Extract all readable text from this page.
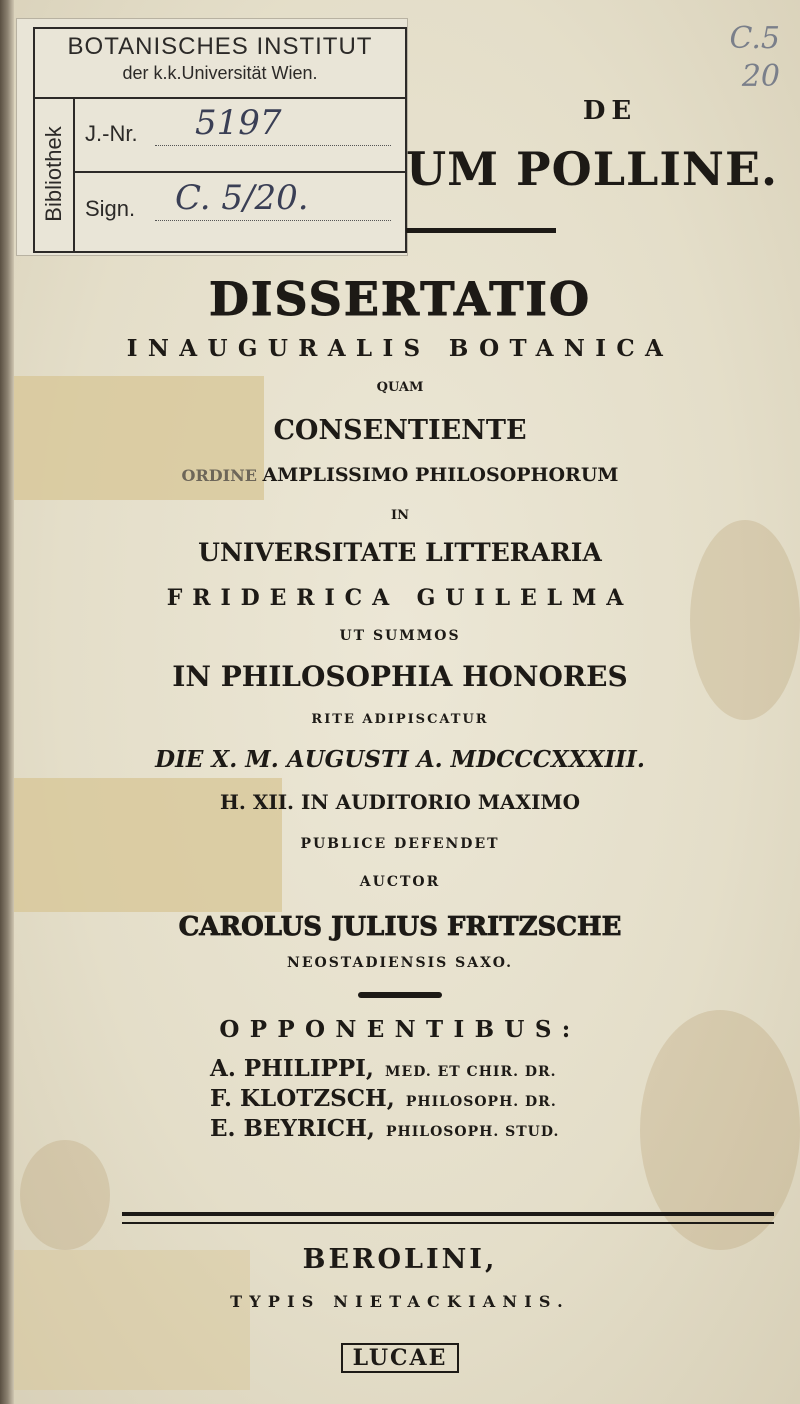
C.5
20
BOTANISCHES INSTITUT
der k.k.Universität Wien.
Bibliothek J.-Nr. 5197
Sign. C. 5/20.

DE

UM POLLINE.

DISSERTATIO

INAUGURALIS BOTANICA

QUAM

CONSENTIENTE

ORDINE AMPLISSIMO PHILOSOPHORUM

IN

UNIVERSITATE LITTERARIA

FRIDERICA GUILELMA

UT SUMMOS

IN PHILOSOPHIA HONORES

RITE ADIPISCATUR

DIE X. M. AUGUSTI A. MDCCCXXXIII.

H. XII. IN AUDITORIO MAXIMO

PUBLICE DEFENDET

AUCTOR

CAROLUS JULIUS FRITZSCHE

NEOSTADIENSIS SAXO.

OPPONENTIBUS:

A. PHILIPPI, MED. ET CHIR. DR.
F. KLOTZSCH, PHILOSOPH. DR.
E. BEYRICH, PHILOSOPH. STUD.

BEROLINI,

TYPIS NIETACKIANIS.

LUCAE
